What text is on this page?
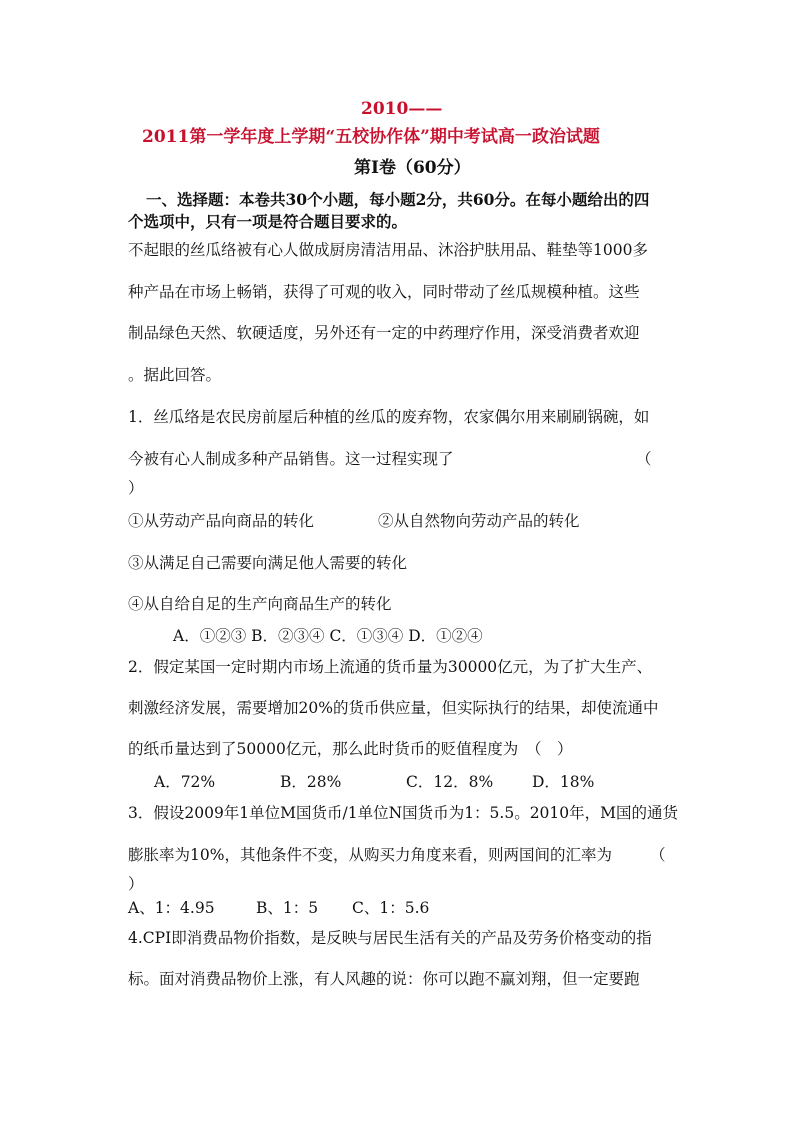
2010——
2011第一学年度上学期“五校协作体”期中考试高一政治试题
第Ⅰ卷（60分）
一、选择题：本卷共30个小题，每小题2分，共60分。在每小题给出的四
个选项中，只有一项是符合题目要求的。
不起眼的丝瓜络被有心人做成厨房清洁用品、沐浴护肤用品、鞋垫等1000多
种产品在市场上畅销，获得了可观的收入，同时带动了丝瓜规模种植。这些
制品绿色天然、软硬适度，另外还有一定的中药理疗作用，深受消费者欢迎
。据此回答。
1．丝瓜络是农民房前屋后种植的丝瓜的废弃物，农家偶尔用来刷刷锅碗，如
今被有心人制成多种产品销售。这一过程实现了	（
）
①从劳动产品向商品的转化	②从自然物向劳动产品的转化
③从满足自己需要向满足他人需要的转化
④从自给自足的生产向商品生产的转化
A．①②③ B．②③④ C．①③④ D．①②④
2．假定某国一定时期内市场上流通的货币量为30000亿元，为了扩大生产、
刺激经济发展，需要增加20%的货币供应量，但实际执行的结果，却使流通中
的纸币量达到了50000亿元，那么此时货币的贬值程度为　（　）
A．72%	B．28%	C．12．8%	D．18%
3．假设2009年1单位M国货币/1单位N国货币为1：5.5。2010年，M国的通货
膨胀率为10%，其他条件不变，从购买力角度来看，则两国间的汇率为 （
）
A、1：4.95	B、1：5 C、1：5.6
4.CPI即消费品物价指数，是反映与居民生活有关的产品及劳务价格变动的指
标。面对消费品物价上涨，有人风趣的说：你可以跑不赢刘翔，但一定要跑
